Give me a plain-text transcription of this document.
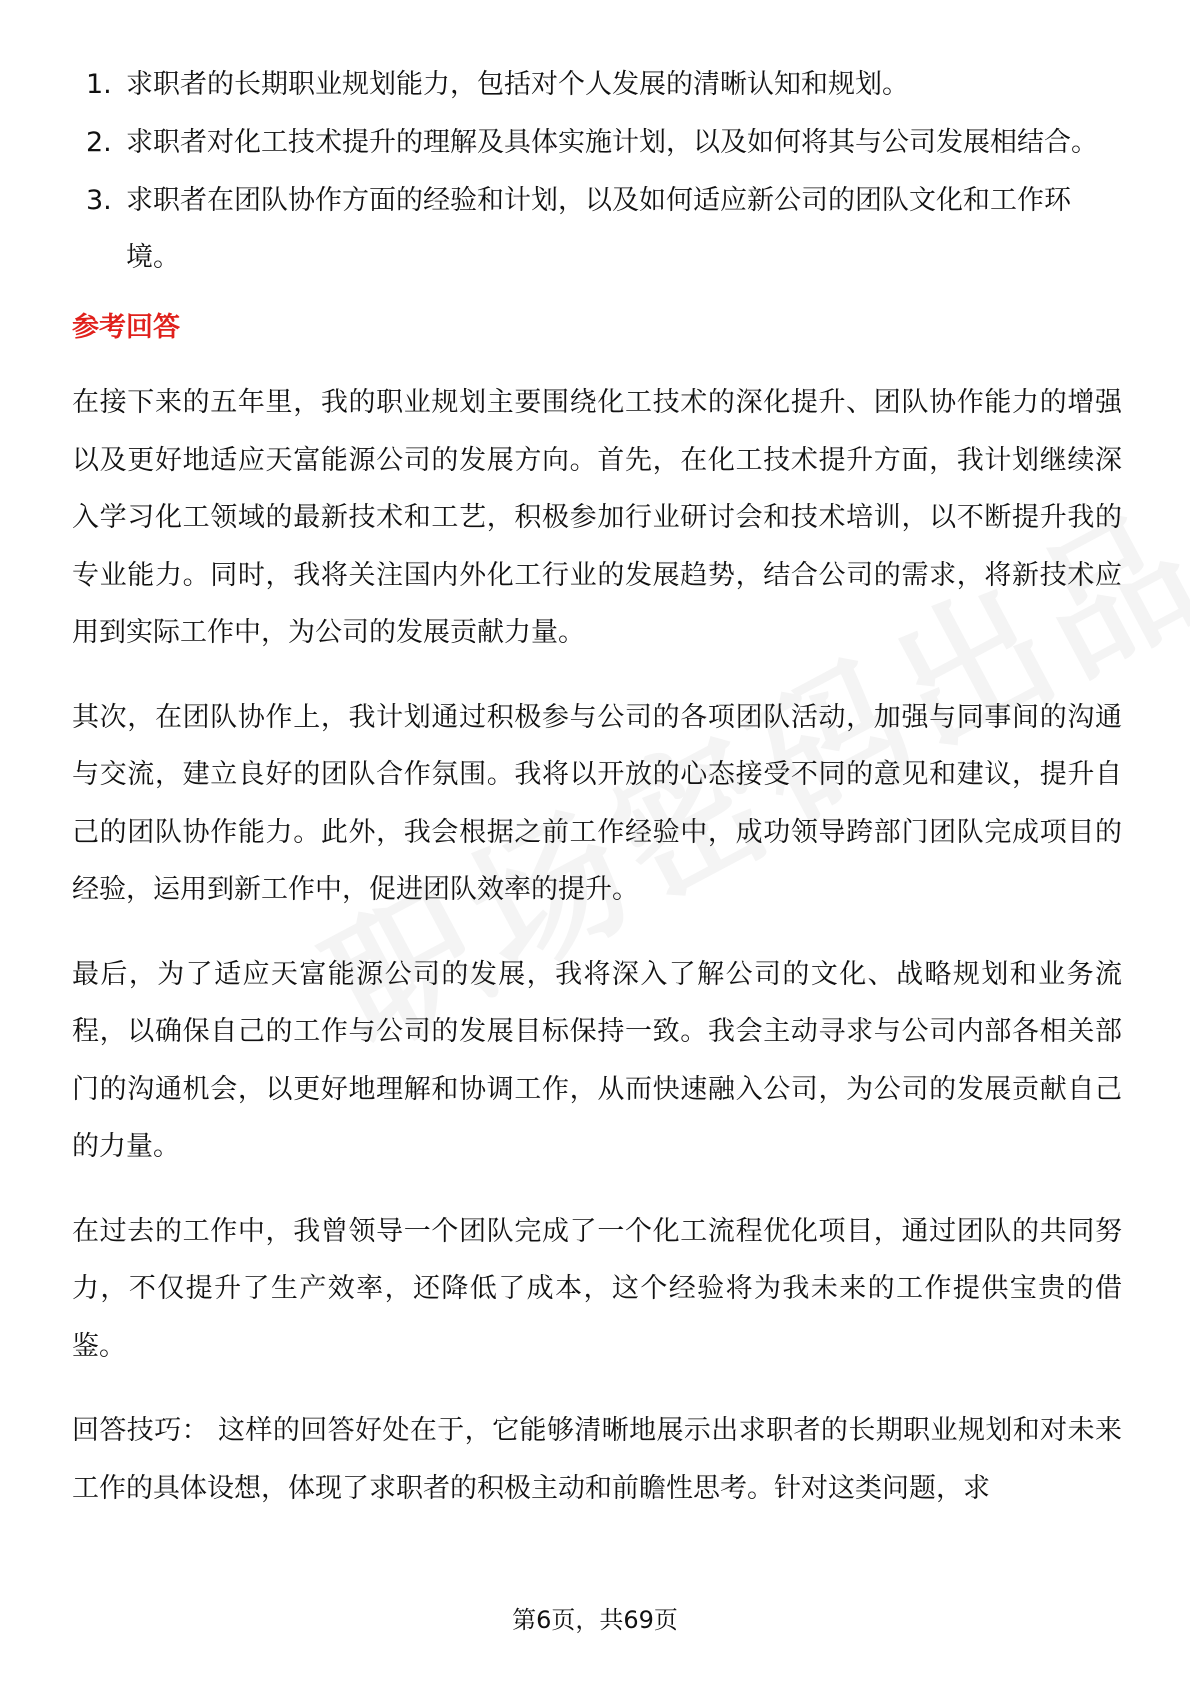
1. 求职者的长期职业规划能力，包括对个人发展的清晰认知和规划。
2. 求职者对化工技术提升的理解及具体实施计划，以及如何将其与公司发展相结合。
3. 求职者在团队协作方面的经验和计划，以及如何适应新公司的团队文化和工作环境。
参考回答

在接下来的五年里，我的职业规划主要围绕化工技术的深化提升、团队协作能力的增强以及更好地适应天富能源公司的发展方向。首先，在化工技术提升方面，我计划继续深入学习化工领域的最新技术和工艺，积极参加行业研讨会和技术培训，以不断提升我的专业能力。同时，我将关注国内外化工行业的发展趋势，结合公司的需求，将新技术应用到实际工作中，为公司的发展贡献力量。

其次，在团队协作上，我计划通过积极参与公司的各项团队活动，加强与同事间的沟通与交流，建立良好的团队合作氛围。我将以开放的心态接受不同的意见和建议，提升自己的团队协作能力。此外，我会根据之前工作经验中，成功领导跨部门团队完成项目的经验，运用到新工作中，促进团队效率的提升。

最后，为了适应天富能源公司的发展，我将深入了解公司的文化、战略规划和业务流程，以确保自己的工作与公司的发展目标保持一致。我会主动寻求与公司内部各相关部门的沟通机会，以更好地理解和协调工作，从而快速融入公司，为公司的发展贡献自己的力量。

在过去的工作中，我曾领导一个团队完成了一个化工流程优化项目，通过团队的共同努力，不仅提升了生产效率，还降低了成本，这个经验将为我未来的工作提供宝贵的借鉴。

回答技巧： 这样的回答好处在于，它能够清晰地展示出求职者的长期职业规划和对未来工作的具体设想，体现了求职者的积极主动和前瞻性思考。针对这类问题，求

第6页，共69页
